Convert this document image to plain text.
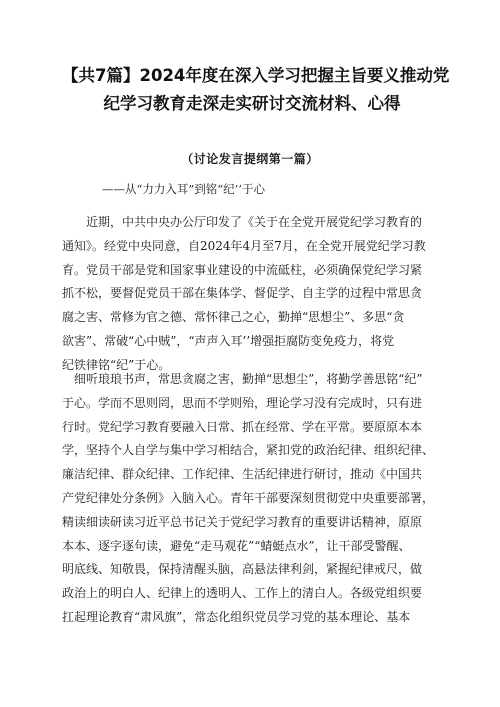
【共7篇】2024年度在深入学习把握主旨要义推动党
纪学习教育走深走实研讨交流材料、心得

（讨论发言提纲第一篇）

——从“力力入耳”到铭“纪’’于心

　　近期，中共中央办公厅印发了《关于在全党开展党纪学习教育的
通知》。经党中央同意，自2024年4月至7月，在全党开展党纪学习教
育。党员干部是党和国家事业建设的中流砥柱，必须确保党纪学习紧
抓不松，要督促党员干部在集体学、督促学、自主学的过程中常思贪
腐之害、常修为官之德、常怀律己之心，勤掸“思想尘”、多思“贪
欲害”、常破“心中贼”，“声声入耳’’增强拒腐防变免疫力，将党
纪铁律铭“纪”于心。
　细听琅琅书声，常思贪腐之害，勤掸“思想尘”，将勤学善思铭“纪”
于心。学而不思则罔，思而不学则殆，理论学习没有完成时，只有进
行时。党纪学习教育要融入日常、抓在经常、学在平常。要原原本本
学，坚持个人自学与集中学习相结合，紧扣党的政治纪律、组织纪律、
廉洁纪律、群众纪律、工作纪律、生活纪律进行研讨，推动《中国共
产党纪律处分条例》入脑入心。青年干部要深刻贯彻党中央重要部署，
精读细读研读习近平总书记关于党纪学习教育的重要讲话精神，原原
本本、逐字逐句读，避免“走马观花”“蜻蜓点水”，让干部受警醒、
明底线、知敬畏，保持清醒头脑，高悬法律利剑，紧握纪律戒尺，做
政治上的明白人、纪律上的透明人、工作上的清白人。各级党组织要
扛起理论教育“肃风旗”，常态化组织党员学习党的基本理论、基本
